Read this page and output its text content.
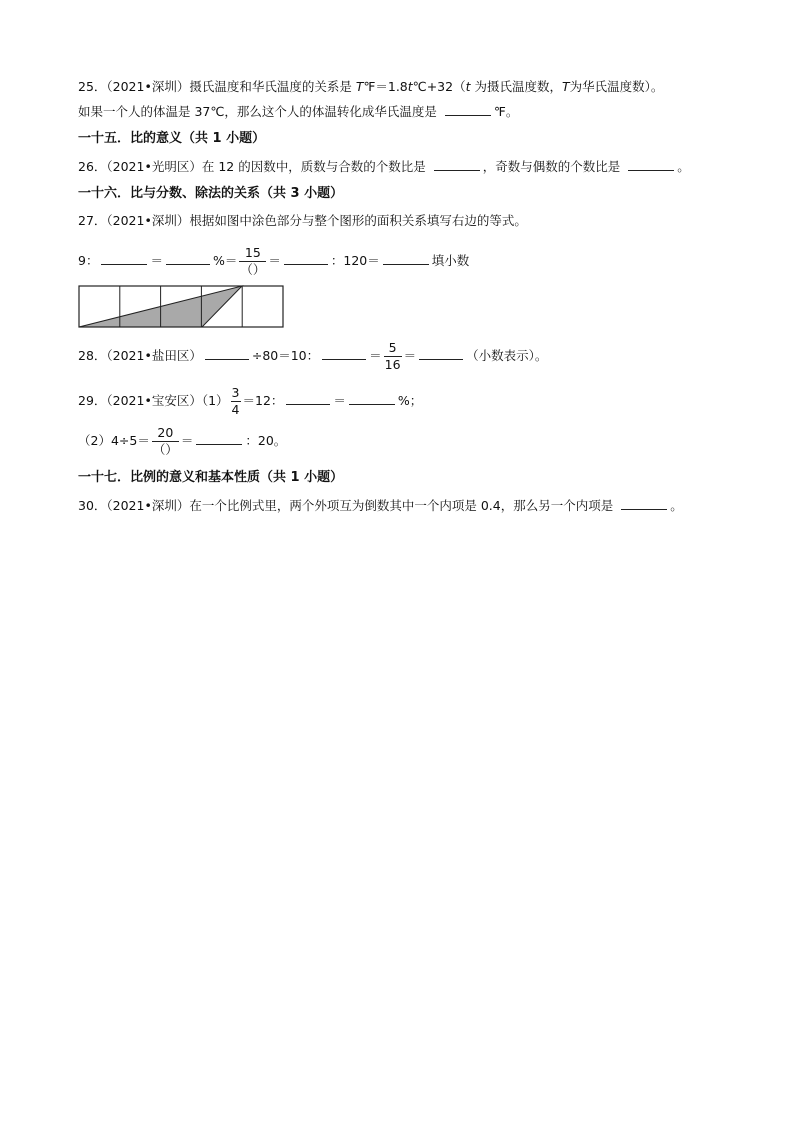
25．（2021•深圳）摄氏温度和华氏温度的关系是 T℉＝1.8t℃+32（t 为摄氏温度数，T为华氏温度数）。
如果一个人的体温是 37℃，那么这个人的体温转化成华氏温度是	℉。
一十五．比的意义（共 1 小题）
26．（2021•光明区）在 12 的因数中，质数与合数的个数比是	，奇数与偶数的个数比是	。
一十六．比与分数、除法的关系（共 3 小题）
27．（2021•深圳）根据如图中涂色部分与整个图形的面积关系填写右边的等式。
9：	＝	%＝ $\frac{15}{()}$ ＝	：120＝	填小数
28．（2021•盐田区）	÷80＝10：	＝ $\frac{5}{16}$ ＝	（小数表示）。
29．（2021•宝安区）$(1) \frac{3}{4} =12$：	＝	%；
$(2)4\div 5= \frac{20}{()}$ ＝	：20。
一十七．比例的意义和基本性质（共 1 小题）
30．（2021•深圳）在一个比例式里，两个外项互为倒数其中一个内项是 0.4，那么另一个内项是	。
